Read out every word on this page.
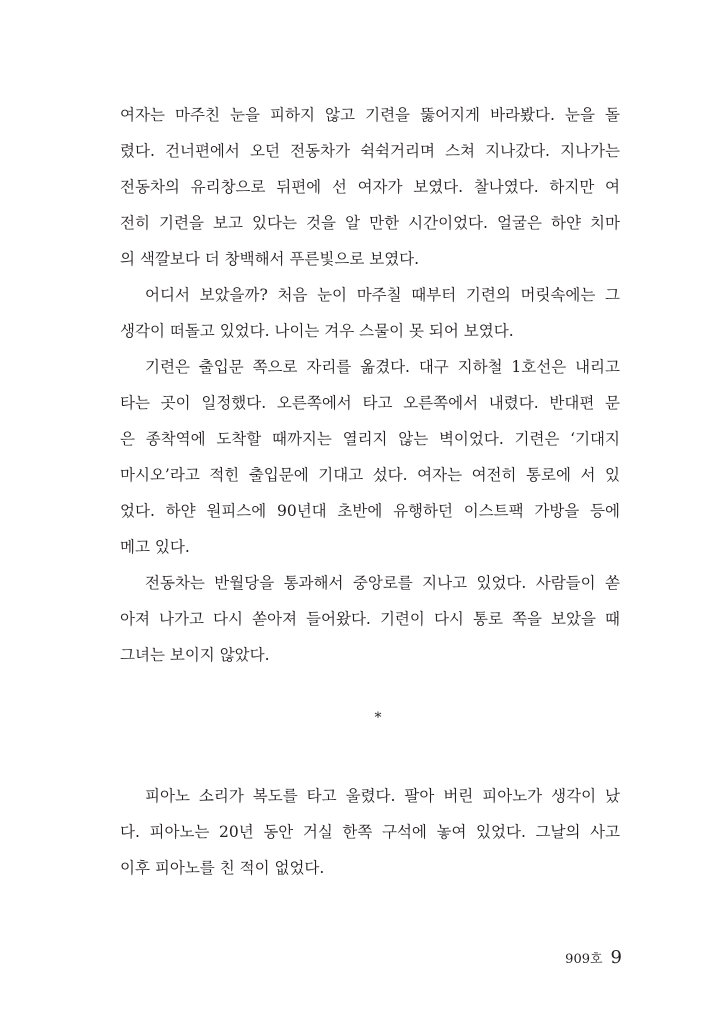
여자는 마주친 눈을 피하지 않고 기련을 뚫어지게 바라봤다. 눈을 돌
렸다. 건너편에서 오던 전동차가 쉭쉭거리며 스쳐 지나갔다. 지나가는
전동차의 유리창으로 뒤편에 선 여자가 보였다. 찰나였다. 하지만 여
전히 기련을 보고 있다는 것을 알 만한 시간이었다. 얼굴은 하얀 치마
의 색깔보다 더 창백해서 푸른빛으로 보였다.
어디서 보았을까? 처음 눈이 마주칠 때부터 기련의 머릿속에는 그
생각이 떠돌고 있었다. 나이는 겨우 스물이 못 되어 보였다.
기련은 출입문 쪽으로 자리를 옮겼다. 대구 지하철 1호선은 내리고
타는 곳이 일정했다. 오른쪽에서 타고 오른쪽에서 내렸다. 반대편 문
은 종착역에 도착할 때까지는 열리지 않는 벽이었다. 기련은 ‘기대지
마시오’라고 적힌 출입문에 기대고 섰다. 여자는 여전히 통로에 서 있
었다. 하얀 원피스에 90년대 초반에 유행하던 이스트팩 가방을 등에
메고 있다.
전동차는 반월당을 통과해서 중앙로를 지나고 있었다. 사람들이 쏟
아져 나가고 다시 쏟아져 들어왔다. 기련이 다시 통로 쪽을 보았을 때
그녀는 보이지 않았다.
*
피아노 소리가 복도를 타고 울렸다. 팔아 버린 피아노가 생각이 났
다. 피아노는 20년 동안 거실 한쪽 구석에 놓여 있었다. 그날의 사고
이후 피아노를 친 적이 없었다.
909호 9
